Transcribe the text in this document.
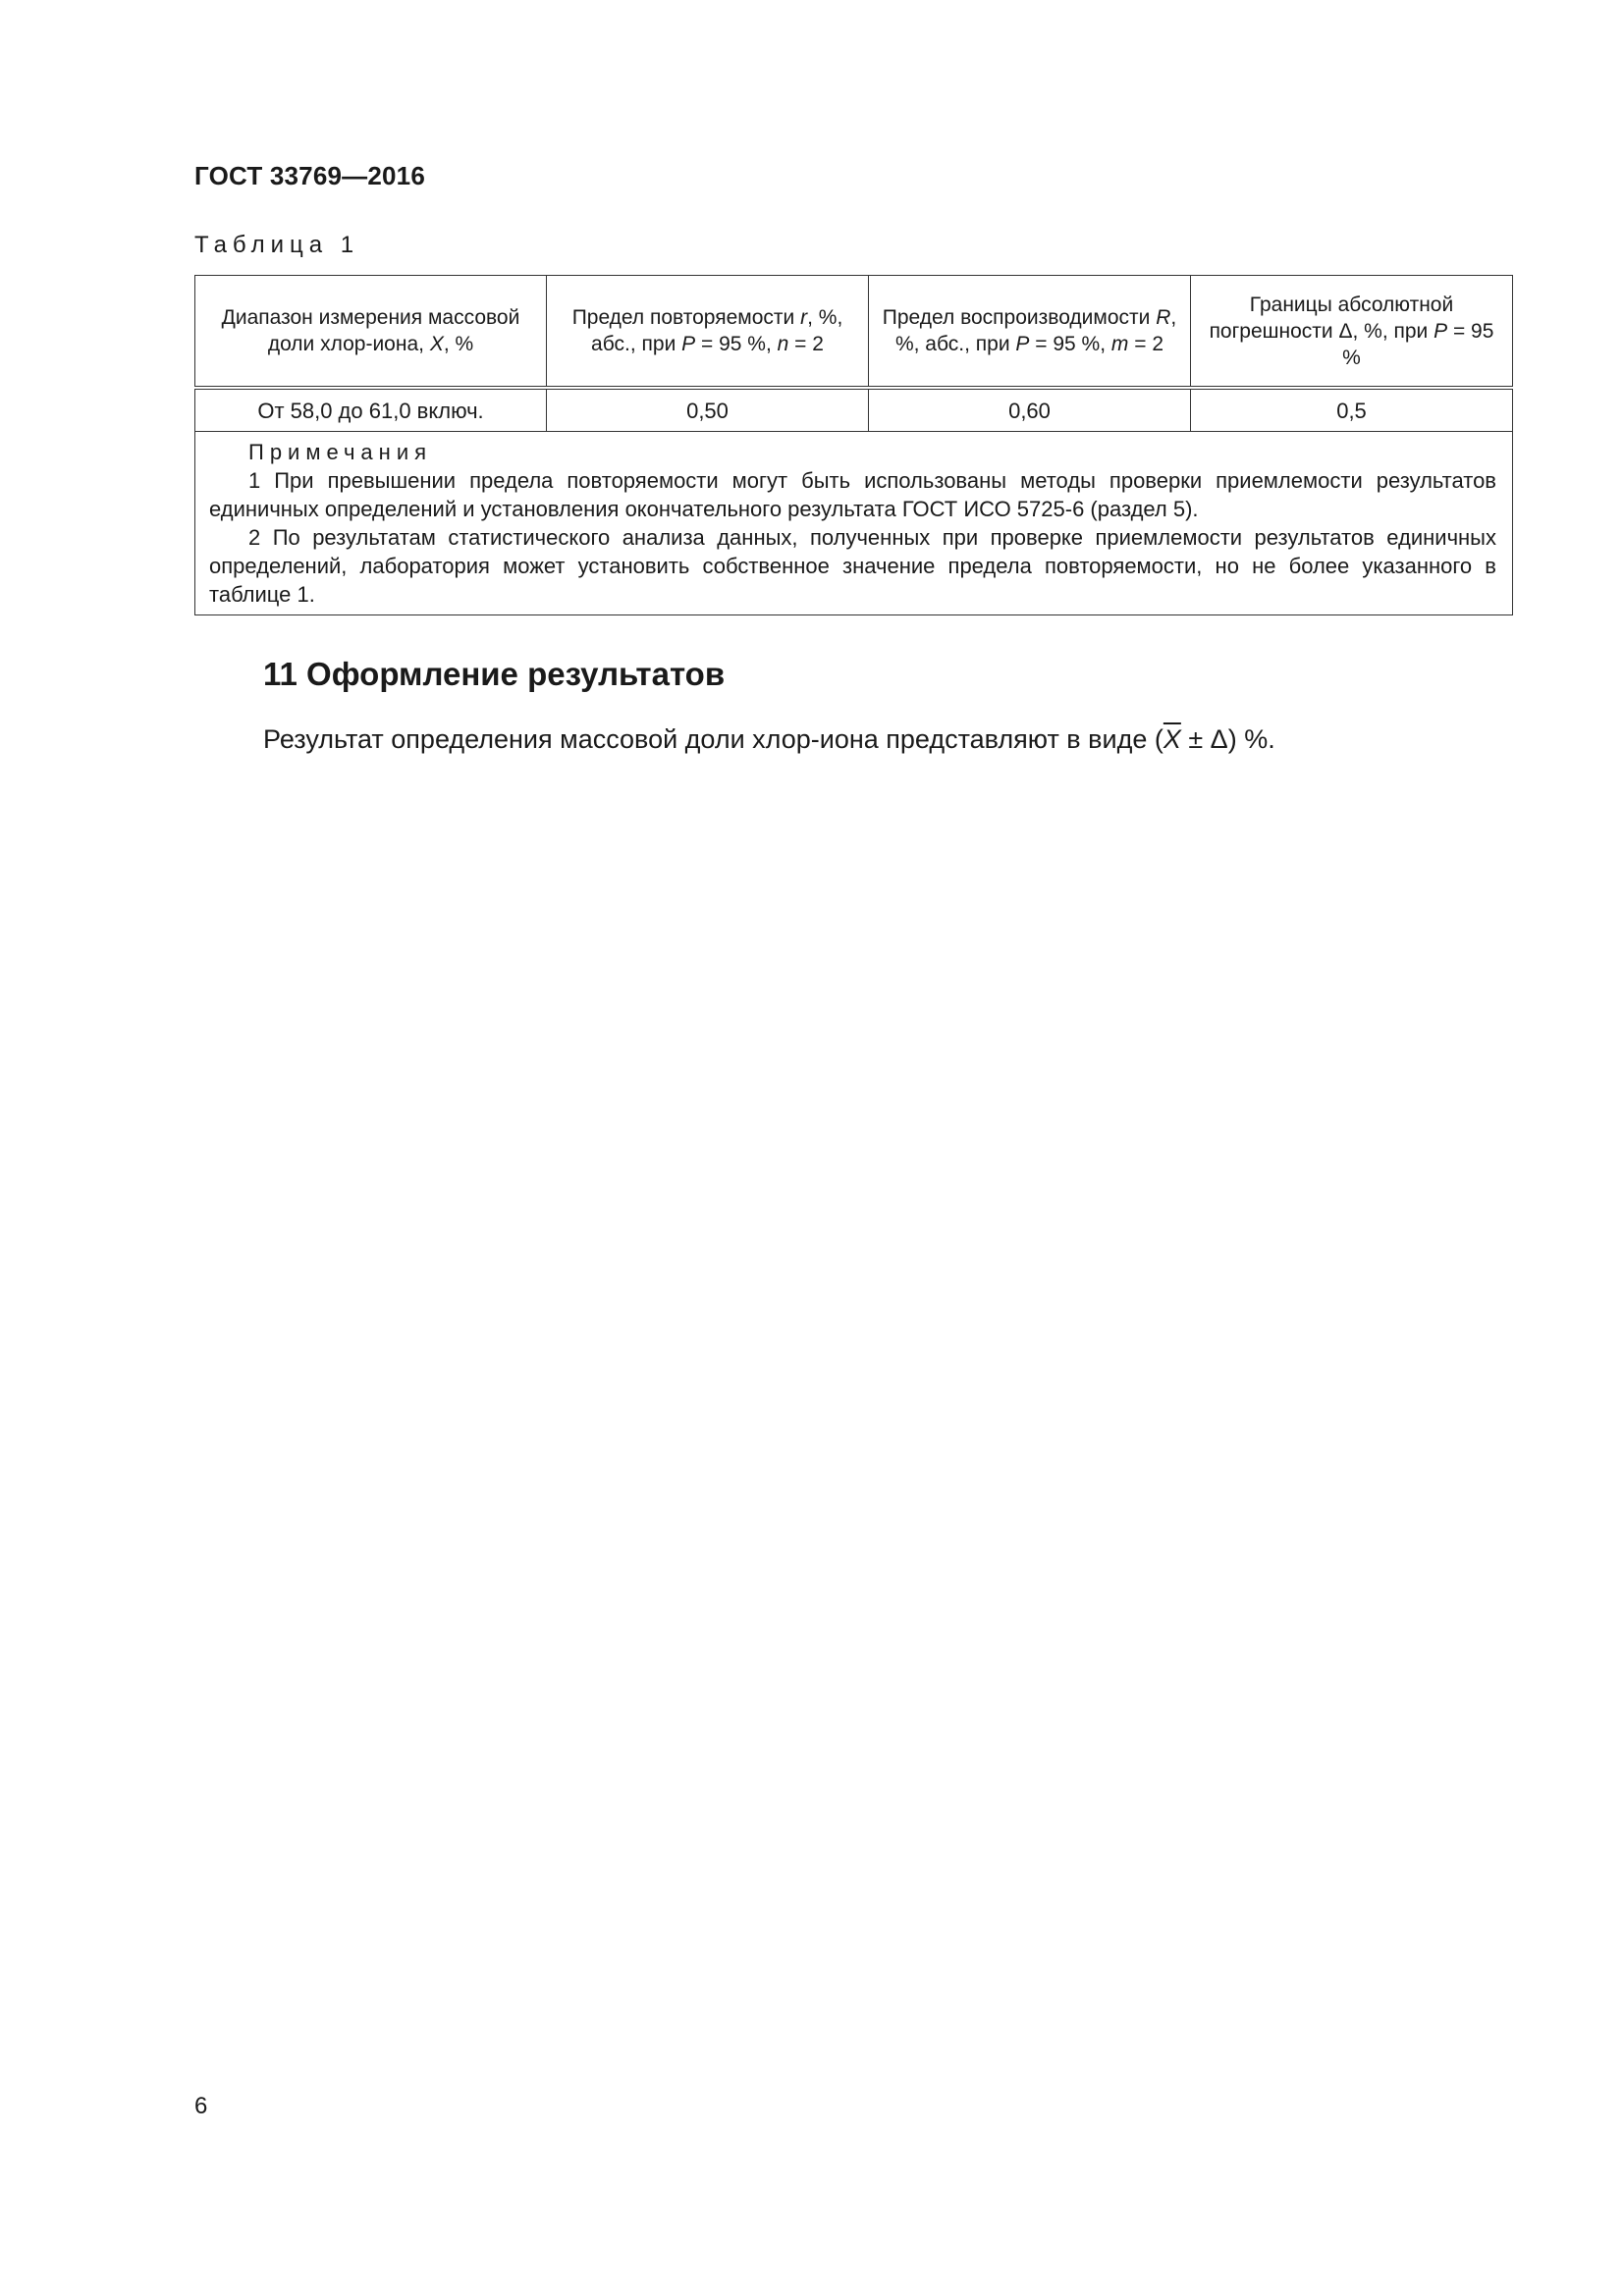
ГОСТ 33769—2016
Таблица 1
Диапазон измерения массовой доли хлор-иона, X, %	Предел повторяемости r, %, абс., при P = 95 %, n = 2	Предел воспроизводимости R, %, абс., при P = 95 %, m = 2	Границы абсолютной погрешности Δ, %, при P = 95 %
От 58,0 до 61,0 включ.	0,50	0,60	0,5

Примечания
1 При превышении предела повторяемости могут быть использованы методы проверки приемлемости результатов единичных определений и установления окончательного результата ГОСТ ИСО 5725-6 (раздел 5).
2 По результатам статистического анализа данных, полученных при проверке приемлемости результатов единичных определений, лаборатория может установить собственное значение предела повторяемости, но не более указанного в таблице 1.			
11 Оформление результатов
Результат определения массовой доли хлор-иона представляют в виде $(\overline{X} \pm \Delta)$ %.
6
